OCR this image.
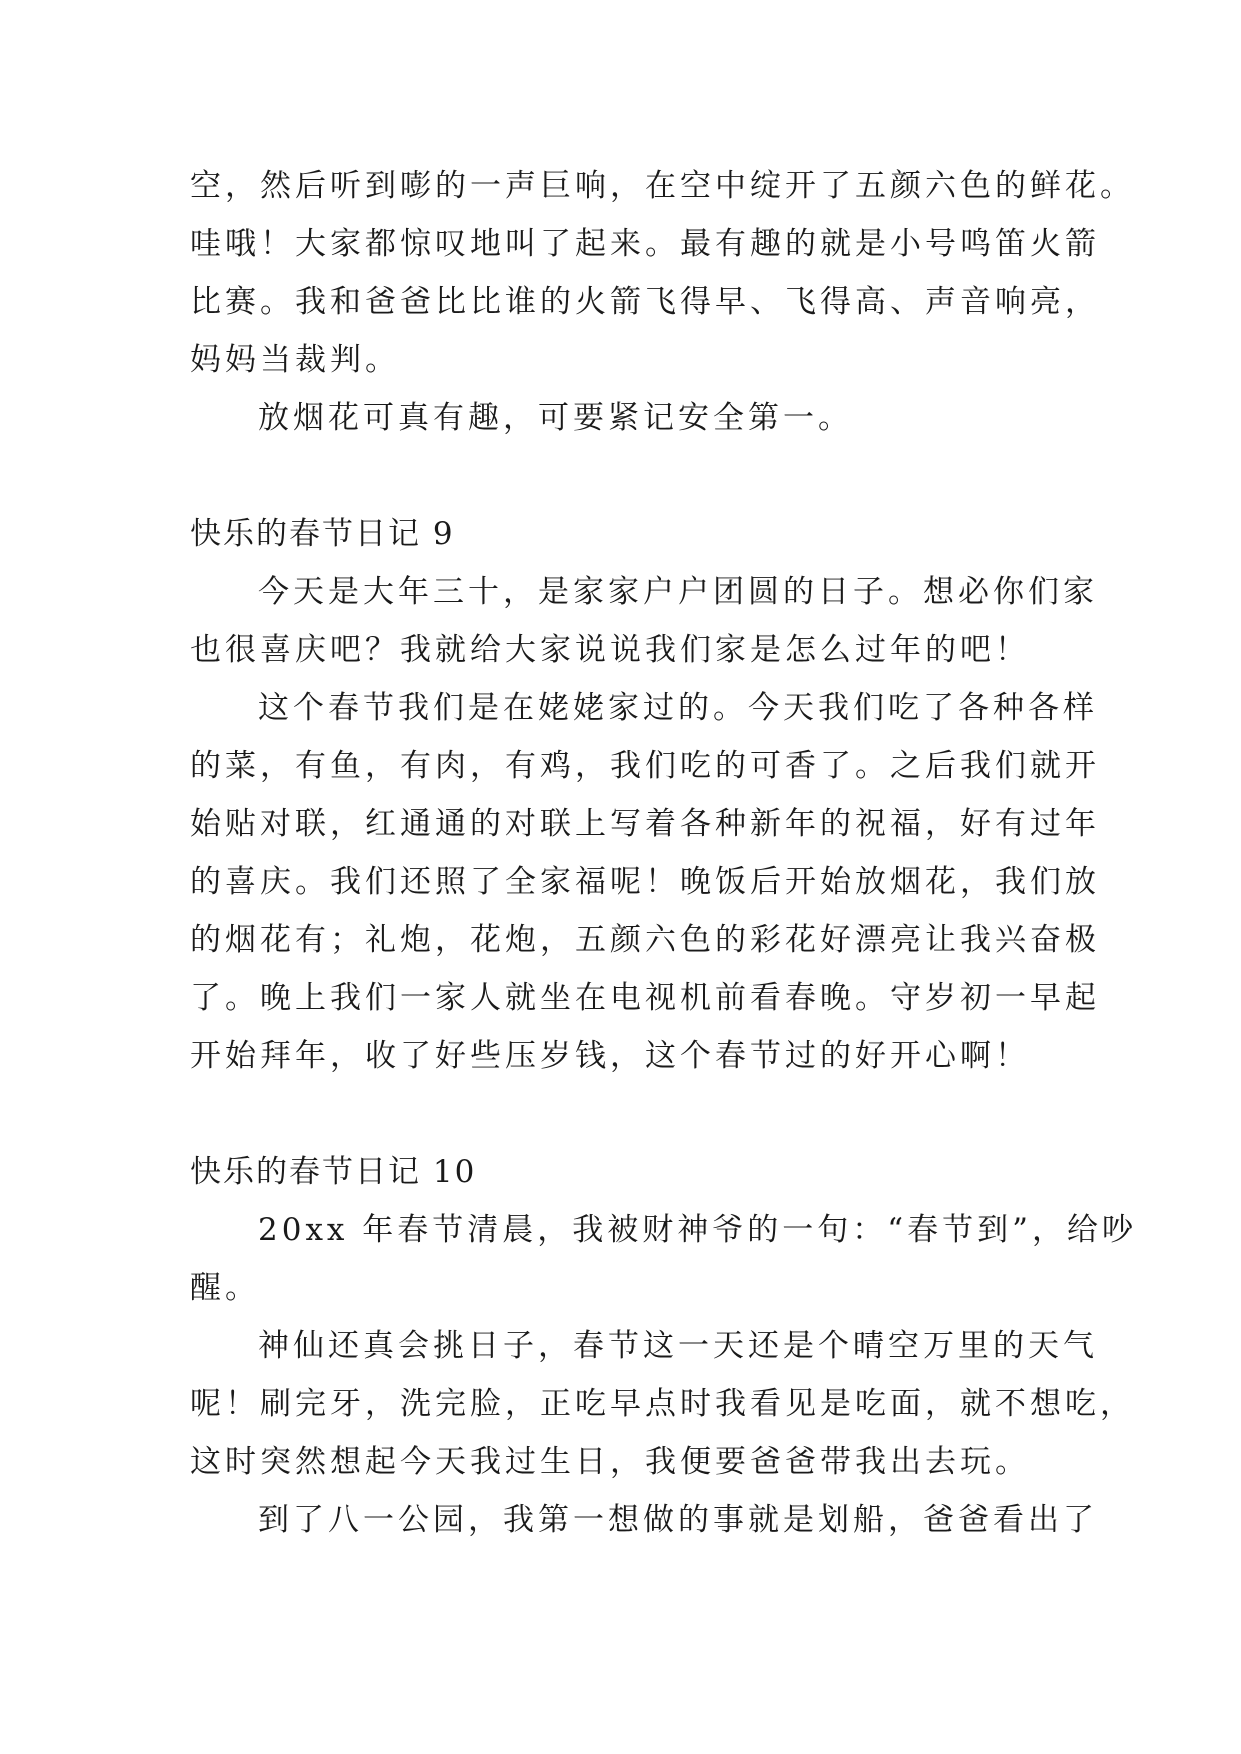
空，然后听到嘭的一声巨响，在空中绽开了五颜六色的鲜花。
哇哦！大家都惊叹地叫了起来。最有趣的就是小号鸣笛火箭
比赛。我和爸爸比比谁的火箭飞得早、飞得高、声音响亮，
妈妈当裁判。
放烟花可真有趣，可要紧记安全第一。
快乐的春节日记 9
今天是大年三十，是家家户户团圆的日子。想必你们家
也很喜庆吧？我就给大家说说我们家是怎么过年的吧！
这个春节我们是在姥姥家过的。今天我们吃了各种各样
的菜，有鱼，有肉，有鸡，我们吃的可香了。之后我们就开
始贴对联，红通通的对联上写着各种新年的祝福，好有过年
的喜庆。我们还照了全家福呢！晚饭后开始放烟花，我们放
的烟花有；礼炮，花炮，五颜六色的彩花好漂亮让我兴奋极
了。晚上我们一家人就坐在电视机前看春晚。守岁初一早起
开始拜年，收了好些压岁钱，这个春节过的好开心啊！
快乐的春节日记 10
20xx 年春节清晨，我被财神爷的一句：“春节到”，给吵
醒。
神仙还真会挑日子，春节这一天还是个晴空万里的天气
呢！刷完牙，洗完脸，正吃早点时我看见是吃面，就不想吃，
这时突然想起今天我过生日，我便要爸爸带我出去玩。
到了八一公园，我第一想做的事就是划船，爸爸看出了
